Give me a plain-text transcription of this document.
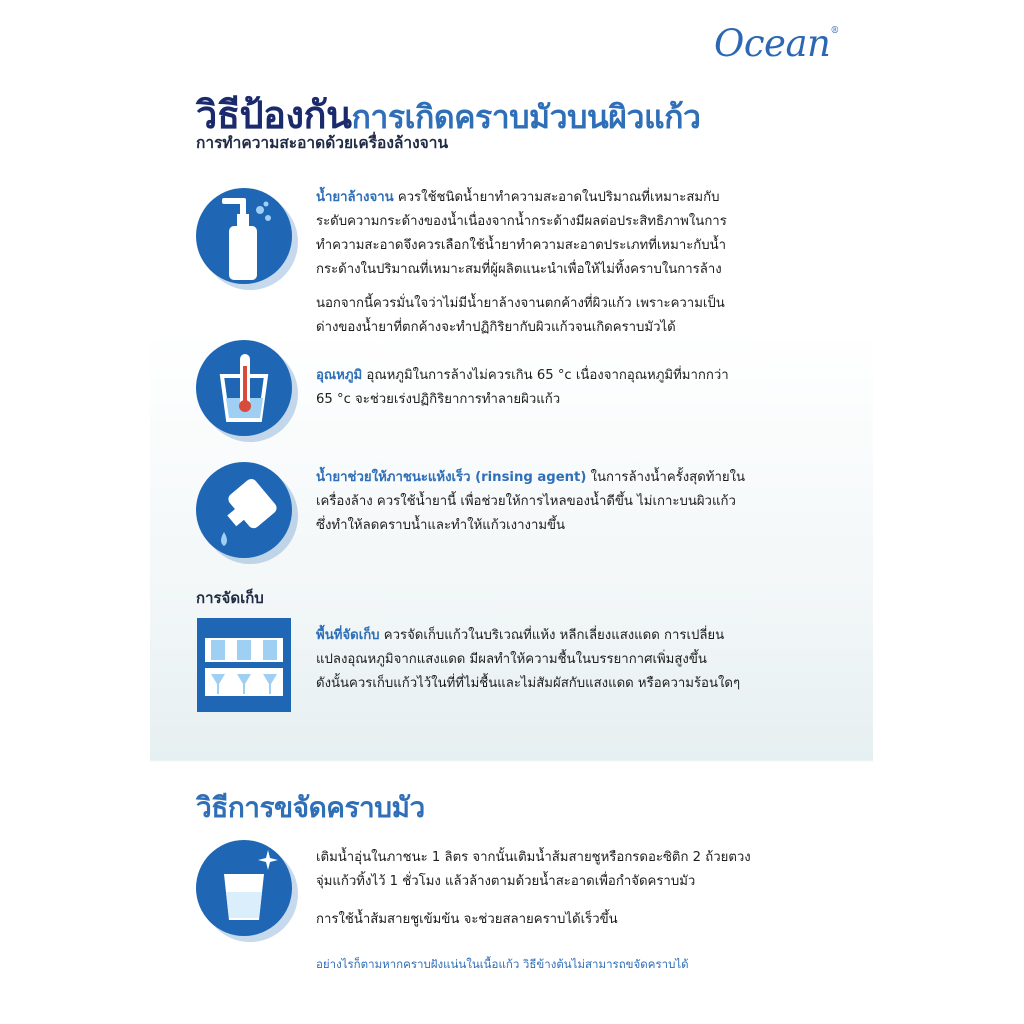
Ocean®
วิธีป้องกันการเกิดคราบมัวบนผิวแก้ว
การทำความสะอาดด้วยเครื่องล้างจาน
น้ำยาล้างจาน ควรใช้ชนิดน้ำยาทำความสะอาดในปริมาณที่เหมาะสมกับ
ระดับความกระด้างของน้ำเนื่องจากน้ำกระด้างมีผลต่อประสิทธิภาพในการ
ทำความสะอาดจึงควรเลือกใช้น้ำยาทำความสะอาดประเภทที่เหมาะกับน้ำ
กระด้างในปริมาณที่เหมาะสมที่ผู้ผลิตแนะนำเพื่อให้ไม่ทิ้งคราบในการล้าง
นอกจากนี้ควรมั่นใจว่าไม่มีน้ำยาล้างจานตกค้างที่ผิวแก้ว เพราะความเป็น
ด่างของน้ำยาที่ตกค้างจะทำปฏิกิริยากับผิวแก้วจนเกิดคราบมัวได้
อุณหภูมิ อุณหภูมิในการล้างไม่ควรเกิน 65 °c เนื่องจากอุณหภูมิที่มากกว่า
65 °c จะช่วยเร่งปฏิกิริยาการทำลายผิวแก้ว
น้ำยาช่วยให้ภาชนะแห้งเร็ว (rinsing agent) ในการล้างน้ำครั้งสุดท้ายใน
เครื่องล้าง ควรใช้น้ำยานี้ เพื่อช่วยให้การไหลของน้ำดีขึ้น ไม่เกาะบนผิวแก้ว
ซึ่งทำให้ลดคราบน้ำและทำให้แก้วเงางามขึ้น
การจัดเก็บ
พื้นที่จัดเก็บ ควรจัดเก็บแก้วในบริเวณที่แห้ง หลีกเลี่ยงแสงแดด การเปลี่ยน
แปลงอุณหภูมิจากแสงแดด มีผลทำให้ความชื้นในบรรยากาศเพิ่มสูงขึ้น
ดังนั้นควรเก็บแก้วไว้ในที่ที่ไม่ชื้นและไม่สัมผัสกับแสงแดด หรือความร้อนใดๆ
วิธีการขจัดคราบมัว
เติมน้ำอุ่นในภาชนะ 1 ลิตร จากนั้นเติมน้ำส้มสายชูหรือกรดอะซิติก 2 ถ้วยตวง
จุ่มแก้วทิ้งไว้ 1 ชั่วโมง แล้วล้างตามด้วยน้ำสะอาดเพื่อกำจัดคราบมัว
การใช้น้ำส้มสายชูเข้มข้น จะช่วยสลายคราบได้เร็วขึ้น
อย่างไรก็ตามหากคราบฝังแน่นในเนื้อแก้ว วิธีข้างต้นไม่สามารถขจัดคราบได้
